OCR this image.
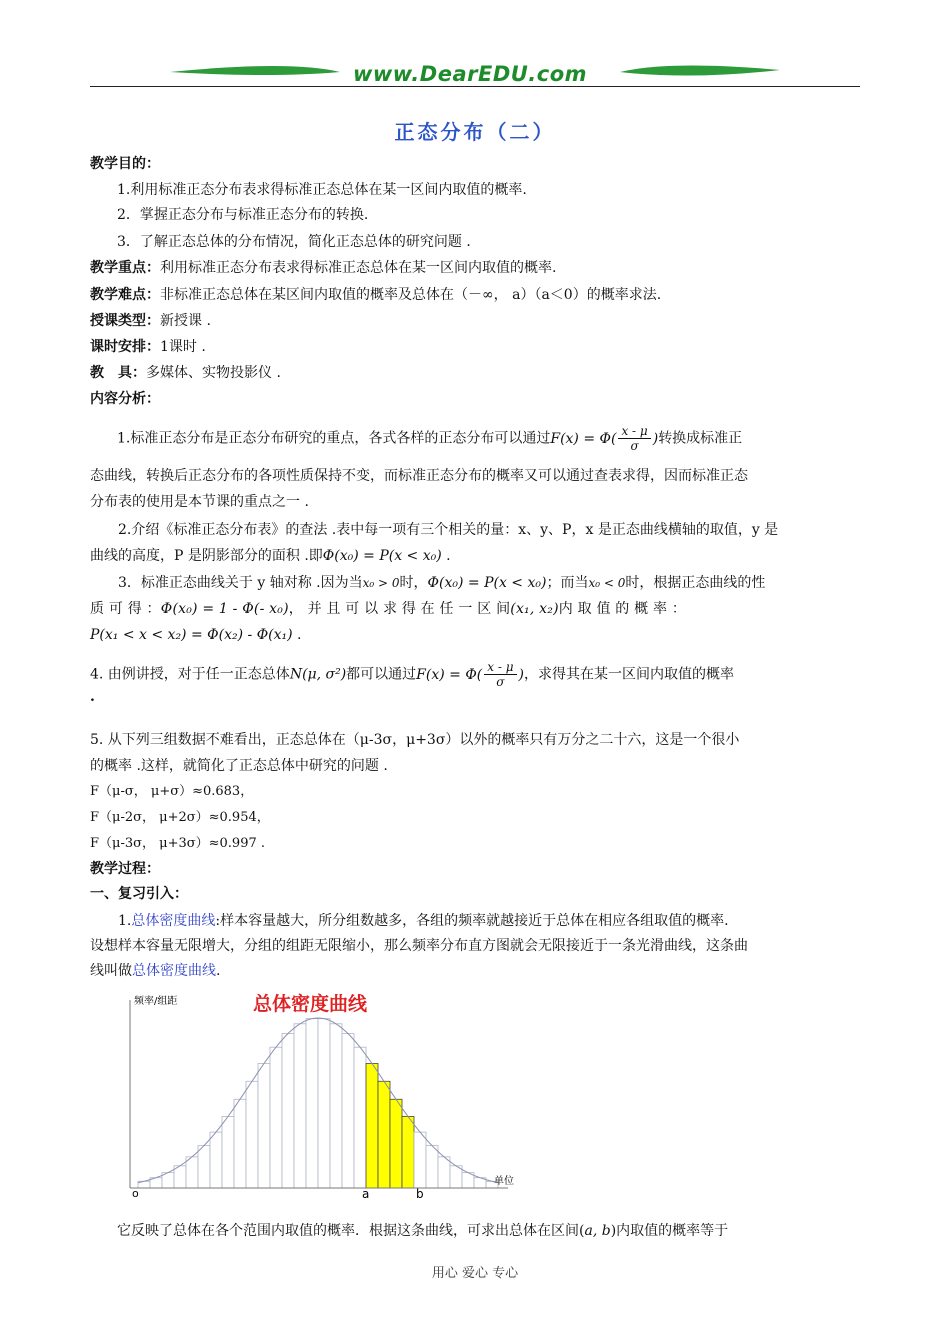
www.DearEDU.com
正态分布（二）
教学目的：
1.利用标准正态分布表求得标准正态总体在某一区间内取值的概率.
2．掌握正态分布与标准正态分布的转换.
3．了解正态总体的分布情况，简化正态总体的研究问题 ．
教学重点：利用标准正态分布表求得标准正态总体在某一区间内取值的概率.
教学难点：非标准正态总体在某区间内取值的概率及总体在（－∞， a）（a＜0）的概率求法.
授课类型：新授课 .
课时安排：1课时 .
教　具：多媒体、实物投影仪 .
内容分析：
1.标准正态分布是正态分布研究的重点，各式各样的正态分布可以通过$F(x) = \Phi( \frac{x - \mu}{\sigma}$ )转换成标准正
态曲线，转换后正态分布的各项性质保持不变，而标准正态分布的概率又可以通过查表求得，因而标准正态
分布表的使用是本节课的重点之一 .
2.介绍《标准正态分布表》的查法 .表中每一项有三个相关的量：x、y、P，x 是正态曲线横轴的取值，y 是
曲线的高度，P 是阴影部分的面积 .即Φ(x₀) = P(x < x₀) .
3．标准正态曲线关于 y 轴对称 .因为当x₀ > 0时，Φ(x₀) = P(x < x₀)；而当x₀ < 0时，根据正态曲线的性
质 可 得 ：Φ(x₀) = 1 - Φ(- x₀)， 并 且 可 以 求 得 在 任 一 区 间(x₁, x₂)内 取 值 的 概 率 ：
P(x₁ < x < x₂) = Φ(x₂) - Φ(x₁) .
4. 由例讲授，对于任一正态总体N(μ, σ²)都可以通过$F(x) = \Phi( \frac{x - \mu}{\sigma}$ )，求得其在某一区间内取值的概率
.
5. 从下列三组数据不难看出，正态总体在（μ-3σ，μ+3σ）以外的概率只有万分之二十六，这是一个很小
的概率 .这样，就简化了正态总体中研究的问题 .
F（μ-σ， μ+σ）≈0.683，
F（μ-2σ， μ+2σ）≈0.954，
F（μ-3σ， μ+3σ）≈0.997 .
教学过程：
一、复习引入：
1.总体密度曲线:样本容量越大，所分组数越多，各组的频率就越接近于总体在相应各组取值的概率.
设想样本容量无限增大，分组的组距无限缩小，那么频率分布直方图就会无限接近于一条光滑曲线，这条曲
线叫做总体密度曲线.
频率/组距
单位
o	a	b
总体密度曲线
它反映了总体在各个范围内取值的概率．根据这条曲线，可求出总体在区间(a, b)内取值的概率等于
用心 爱心 专心
